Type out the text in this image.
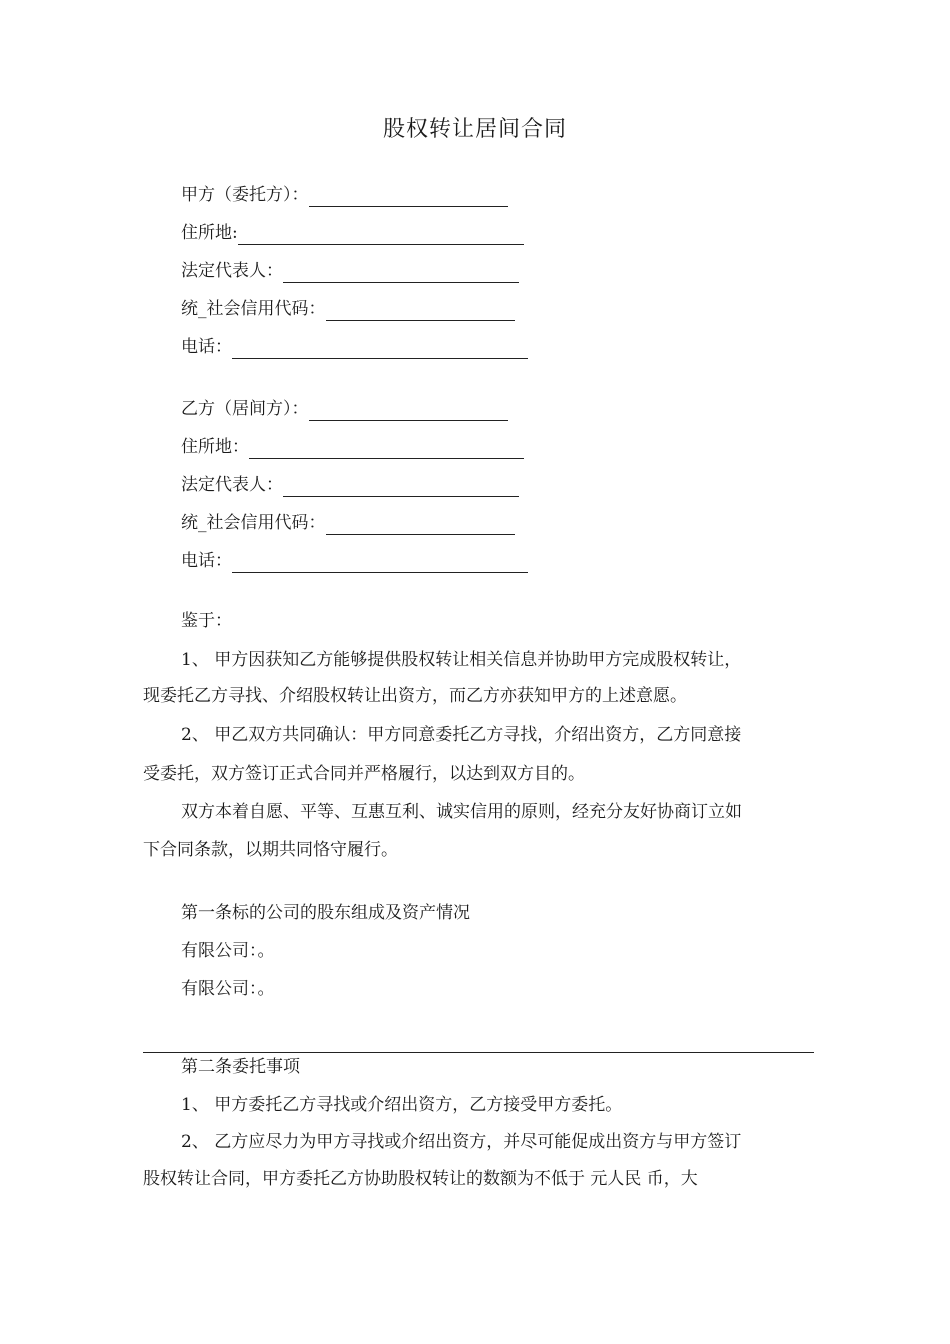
股权转让居间合同
甲方（委托方）：
住所地:
法定代表人：
统_社会信用代码：
电话：
乙方（居间方）：
住所地：
法定代表人：
统_社会信用代码：
电话：
鉴于：
1、 甲方因获知乙方能够提供股权转让相关信息并协助甲方完成股权转让，
现委托乙方寻找、介绍股权转让出资方，而乙方亦获知甲方的上述意愿。
2、 甲乙双方共同确认：甲方同意委托乙方寻找，介绍出资方，乙方同意接
受委托，双方签订正式合同并严格履行，以达到双方目的。
双方本着自愿、平等、互惠互利、诚实信用的原则，经充分友好协商订立如
下合同条款，以期共同恪守履行。
第一条标的公司的股东组成及资产情况
有限公司：。
有限公司：。
第二条委托事项
1、 甲方委托乙方寻找或介绍出资方，乙方接受甲方委托。
2、 乙方应尽力为甲方寻找或介绍出资方，并尽可能促成出资方与甲方签订
股权转让合同，甲方委托乙方协助股权转让的数额为不低于 元人民 币，大
